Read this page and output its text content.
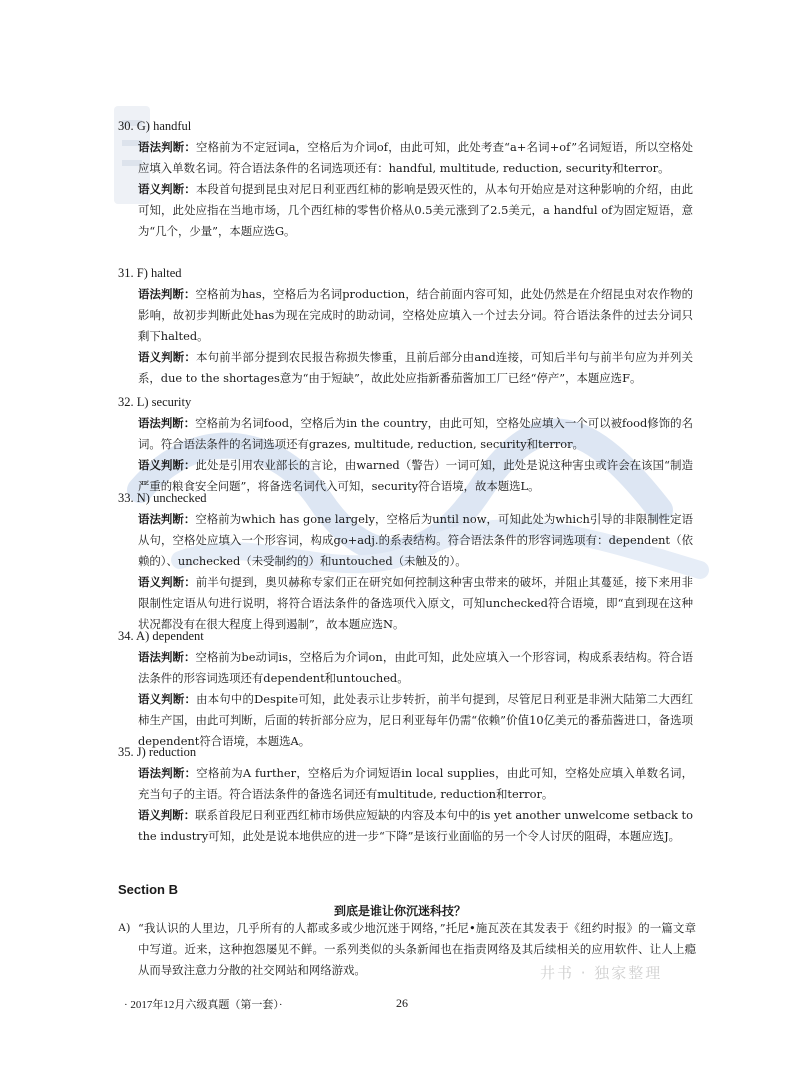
30. G) handful
语法判断：空格前为不定冠词a，空格后为介词of，由此可知，此处考查“a+名词+of”名词短语，所以空格处应填入单数名词。符合语法条件的名词选项还有：handful, multitude, reduction, security和terror。
语义判断：本段首句提到昆虫对尼日利亚西红柿的影响是毁灭性的，从本句开始应是对这种影响的介绍，由此可知，此处应指在当地市场，几个西红柿的零售价格从0.5美元涨到了2.5美元，a handful of为固定短语，意为“几个，少量”，本题应选G。
31. F) halted
语法判断：空格前为has，空格后为名词production，结合前面内容可知，此处仍然是在介绍昆虫对农作物的影响，故初步判断此处has为现在完成时的助动词，空格处应填入一个过去分词。符合语法条件的过去分词只剩下halted。
语义判断：本句前半部分提到农民报告称损失惨重，且前后部分由and连接，可知后半句与前半句应为并列关系，due to the shortages意为“由于短缺”，故此处应指新番茄酱加工厂已经“停产”，本题应选F。
32. L) security
语法判断：空格前为名词food，空格后为in the country，由此可知，空格处应填入一个可以被food修饰的名词。符合语法条件的名词选项还有grazes, multitude, reduction, security和terror。
语义判断：此处是引用农业部长的言论，由warned（警告）一词可知，此处是说这种害虫或许会在该国“制造严重的粮食安全问题”，将备选名词代入可知，security符合语境，故本题选L。
33. N) unchecked
语法判断：空格前为which has gone largely，空格后为until now，可知此处为which引导的非限制性定语从句，空格处应填入一个形容词，构成go+adj.的系表结构。符合语法条件的形容词选项有：dependent（依赖的）、unchecked（未受制约的）和untouched（未触及的）。
语义判断：前半句提到，奥贝赫称专家们正在研究如何控制这种害虫带来的破坏，并阻止其蔓延，接下来用非限制性定语从句进行说明，将符合语法条件的备选项代入原文，可知unchecked符合语境，即“直到现在这种状况都没有在很大程度上得到遏制”，故本题应选N。
34. A) dependent
语法判断：空格前为be动词is，空格后为介词on，由此可知，此处应填入一个形容词，构成系表结构。符合语法条件的形容词选项还有dependent和untouched。
语义判断：由本句中的Despite可知，此处表示让步转折，前半句提到，尽管尼日利亚是非洲大陆第二大西红柿生产国，由此可判断，后面的转折部分应为，尼日利亚每年仍需“依赖”价值10亿美元的番茄酱进口，备选项dependent符合语境，本题选A。
35. J) reduction
语法判断：空格前为A further，空格后为介词短语in local supplies，由此可知，空格处应填入单数名词，充当句子的主语。符合语法条件的备选名词还有multitude, reduction和terror。
语义判断：联系首段尼日利亚西红柿市场供应短缺的内容及本句中的is yet another unwelcome setback to the industry可知，此处是说本地供应的进一步“下降”是该行业面临的另一个令人讨厌的阻碍，本题应选J。
Section B
到底是谁让你沉迷科技？
A) “我认识的人里边，几乎所有的人都或多或少地沉迷于网络，”托尼•施瓦茨在其发表于《纽约时报》的一篇文章中写道。近来，这种抱怨屡见不鲜。一系列类似的头条新闻也在指责网络及其后续相关的应用软件、让人上瘾从而导致注意力分散的社交网站和网络游戏。	井书 · 独家整理
· 2017年12月六级真题（第一套）·	26
